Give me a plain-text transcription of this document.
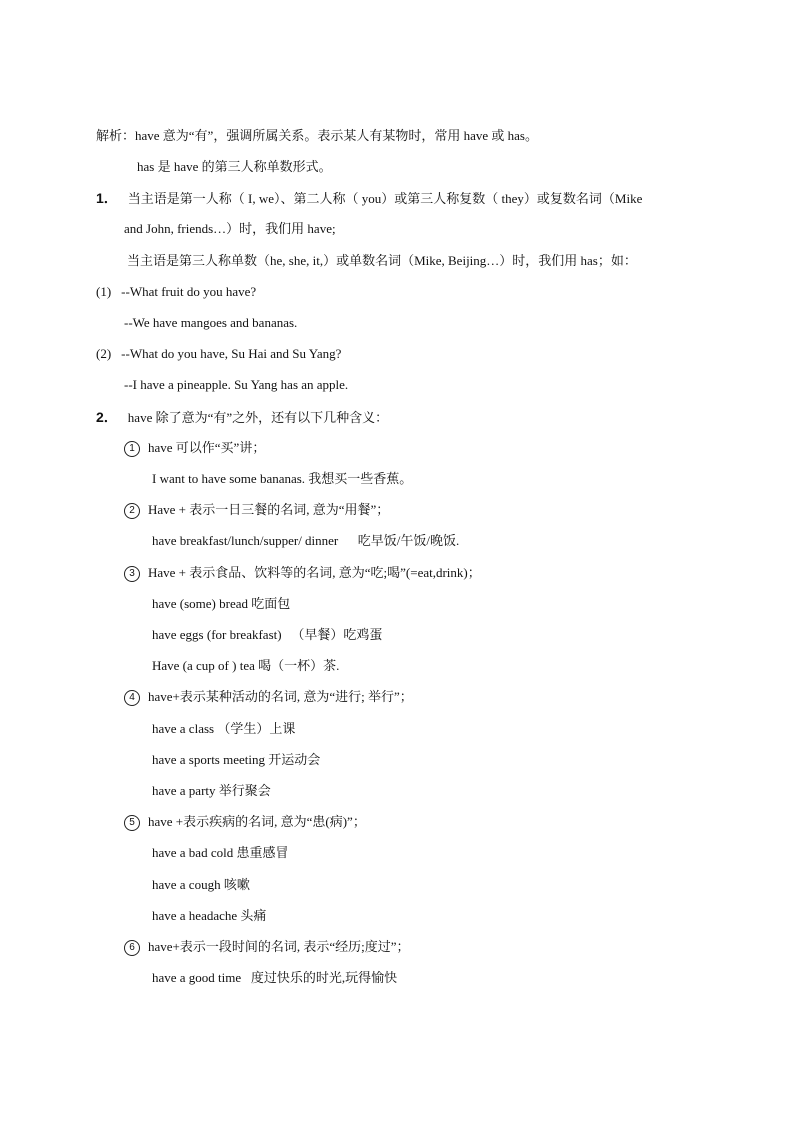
解析：have 意为“有”，强调所属关系。表示某人有某物时，常用 have 或 has。
has 是 have 的第三人称单数形式。
1． 当主语是第一人称（ I, we）、第二人称（ you）或第三人称复数（ they）或复数名词（Mike
and John, friends…）时，我们用 have;
当主语是第三人称单数（he, she, it,）或单数名词（Mike, Beijing…）时，我们用 has；如：
(1) --What fruit do you have?
--We have mangoes and bananas.
(2) --What do you have, Su Hai and Su Yang?
--I have a pineapple. Su Yang has an apple.
2． have 除了意为“有”之外，还有以下几种含义：
1 have 可以作“买”讲；
I want to have some bananas. 我想买一些香蕉。
2 Have + 表示一日三餐的名词, 意为“用餐”；
have breakfast/lunch/supper/ dinner      吃早饭/午饭/晚饭.
3 Have + 表示食品、饮料等的名词, 意为“吃;喝”(=eat,drink)；
have (some) bread 吃面包
have eggs (for breakfast)   （早餐）吃鸡蛋
Have (a cup of ) tea 喝（一杯）茶.
4 have+表示某种活动的名词, 意为“进行; 举行”；
have a class （学生）上课
have a sports meeting 开运动会
have a party 举行聚会
5 have +表示疾病的名词, 意为“患(病)”；
have a bad cold 患重感冒
have a cough 咳嗽
have a headache 头痛
6 have+表示一段时间的名词, 表示“经历;度过”；
have a good time   度过快乐的时光,玩得愉快
